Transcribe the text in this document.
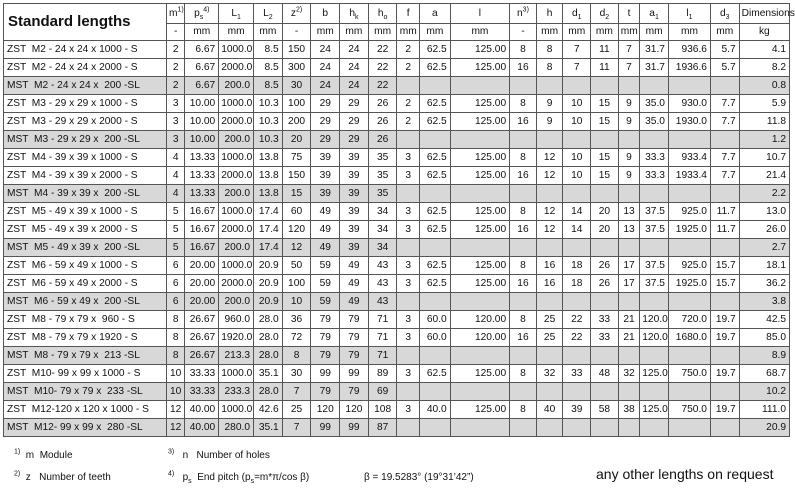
Standard lengths	$m^{1)}$	$p_s^{4)}$	$L_1$	$L_2$	$z^{2)}$	b	$h_k$	$h_o$	f	a	l	$n^{3)}$	h	$d_1$	$d_2$	t	$a_1$	$l_1$	$d_3$	Dimensions
	-	mm	mm	mm	-	mm	mm	mm	mm	mm	mm	-	mm	mm	mm	mm	mm	mm	mm	kg
ZST  M2 - 24 x 24 x 1000 - S	2	6.67	1000.0	8.5	150	24	24	22	2	62.5	125.00	8	8	7	11	7	31.7	936.6	5.7	4.1
ZST  M2 - 24 x 24 x 2000 - S	2	6.67	2000.0	8.5	300	24	24	22	2	62.5	125.00	16	8	7	11	7	31.7	1936.6	5.7	8.2
MST  M2 - 24 x 24 x  200 -SL	2	6.67	200.0	8.5	30	24	24	22												0.8
ZST  M3 - 29 x 29 x 1000 - S	3	10.00	1000.0	10.3	100	29	29	26	2	62.5	125.00	8	9	10	15	9	35.0	930.0	7.7	5.9
ZST  M3 - 29 x 29 x 2000 - S	3	10.00	2000.0	10.3	200	29	29	26	2	62.5	125.00	16	9	10	15	9	35.0	1930.0	7.7	11.8
MST  M3 - 29 x 29 x  200 -SL	3	10.00	200.0	10.3	20	29	29	26												1.2
ZST  M4 - 39 x 39 x 1000 - S	4	13.33	1000.0	13.8	75	39	39	35	3	62.5	125.00	8	12	10	15	9	33.3	933.4	7.7	10.7
ZST  M4 - 39 x 39 x 2000 - S	4	13.33	2000.0	13.8	150	39	39	35	3	62.5	125.00	16	12	10	15	9	33.3	1933.4	7.7	21.4
MST  M4 - 39 x 39 x  200 -SL	4	13.33	200.0	13.8	15	39	39	35												2.2
ZST  M5 - 49 x 39 x 1000 - S	5	16.67	1000.0	17.4	60	49	39	34	3	62.5	125.00	8	12	14	20	13	37.5	925.0	11.7	13.0
ZST  M5 - 49 x 39 x 2000 - S	5	16.67	2000.0	17.4	120	49	39	34	3	62.5	125.00	16	12	14	20	13	37.5	1925.0	11.7	26.0
MST  M5 - 49 x 39 x  200 -SL	5	16.67	200.0	17.4	12	49	39	34												2.7
ZST  M6 - 59 x 49 x 1000 - S	6	20.00	1000.0	20.9	50	59	49	43	3	62.5	125.00	8	16	18	26	17	37.5	925.0	15.7	18.1
ZST  M6 - 59 x 49 x 2000 - S	6	20.00	2000.0	20.9	100	59	49	43	3	62.5	125.00	16	16	18	26	17	37.5	1925.0	15.7	36.2
MST  M6 - 59 x 49 x  200 -SL	6	20.00	200.0	20.9	10	59	49	43												3.8
ZST  M8 - 79 x 79 x  960 - S	8	26.67	960.0	28.0	36	79	79	71	3	60.0	120.00	8	25	22	33	21	120.0	720.0	19.7	42.5
ZST  M8 - 79 x 79 x 1920 - S	8	26.67	1920.0	28.0	72	79	79	71	3	60.0	120.00	16	25	22	33	21	120.0	1680.0	19.7	85.0
MST  M8 - 79 x 79 x  213 -SL	8	26.67	213.3	28.0	8	79	79	71												8.9
ZST  M10- 99 x 99 x 1000 - S	10	33.33	1000.0	35.1	30	99	99	89	3	62.5	125.00	8	32	33	48	32	125.0	750.0	19.7	68.7
MST  M10- 79 x 79 x  233 -SL	10	33.33	233.3	28.0	7	79	79	69												10.2
ZST  M12-120 x 120 x 1000 - S	12	40.00	1000.0	42.6	25	120	120	108	3	40.0	125.00	8	40	39	58	38	125.0	750.0	19.7	111.0
MST  M12- 99 x 99 x  280 -SL	12	40.00	280.0	35.1	7	99	99	87												20.9
$^{1)}$ m Module
$^{2)}$ z Number of teeth
$^{3)}$ n Number of holes
$^{4)}$ $p_s$ End pitch ($p_s=m*\pi/\cos$ β)	β = 19.5283° (19°31’42”)	any other lengths on request
